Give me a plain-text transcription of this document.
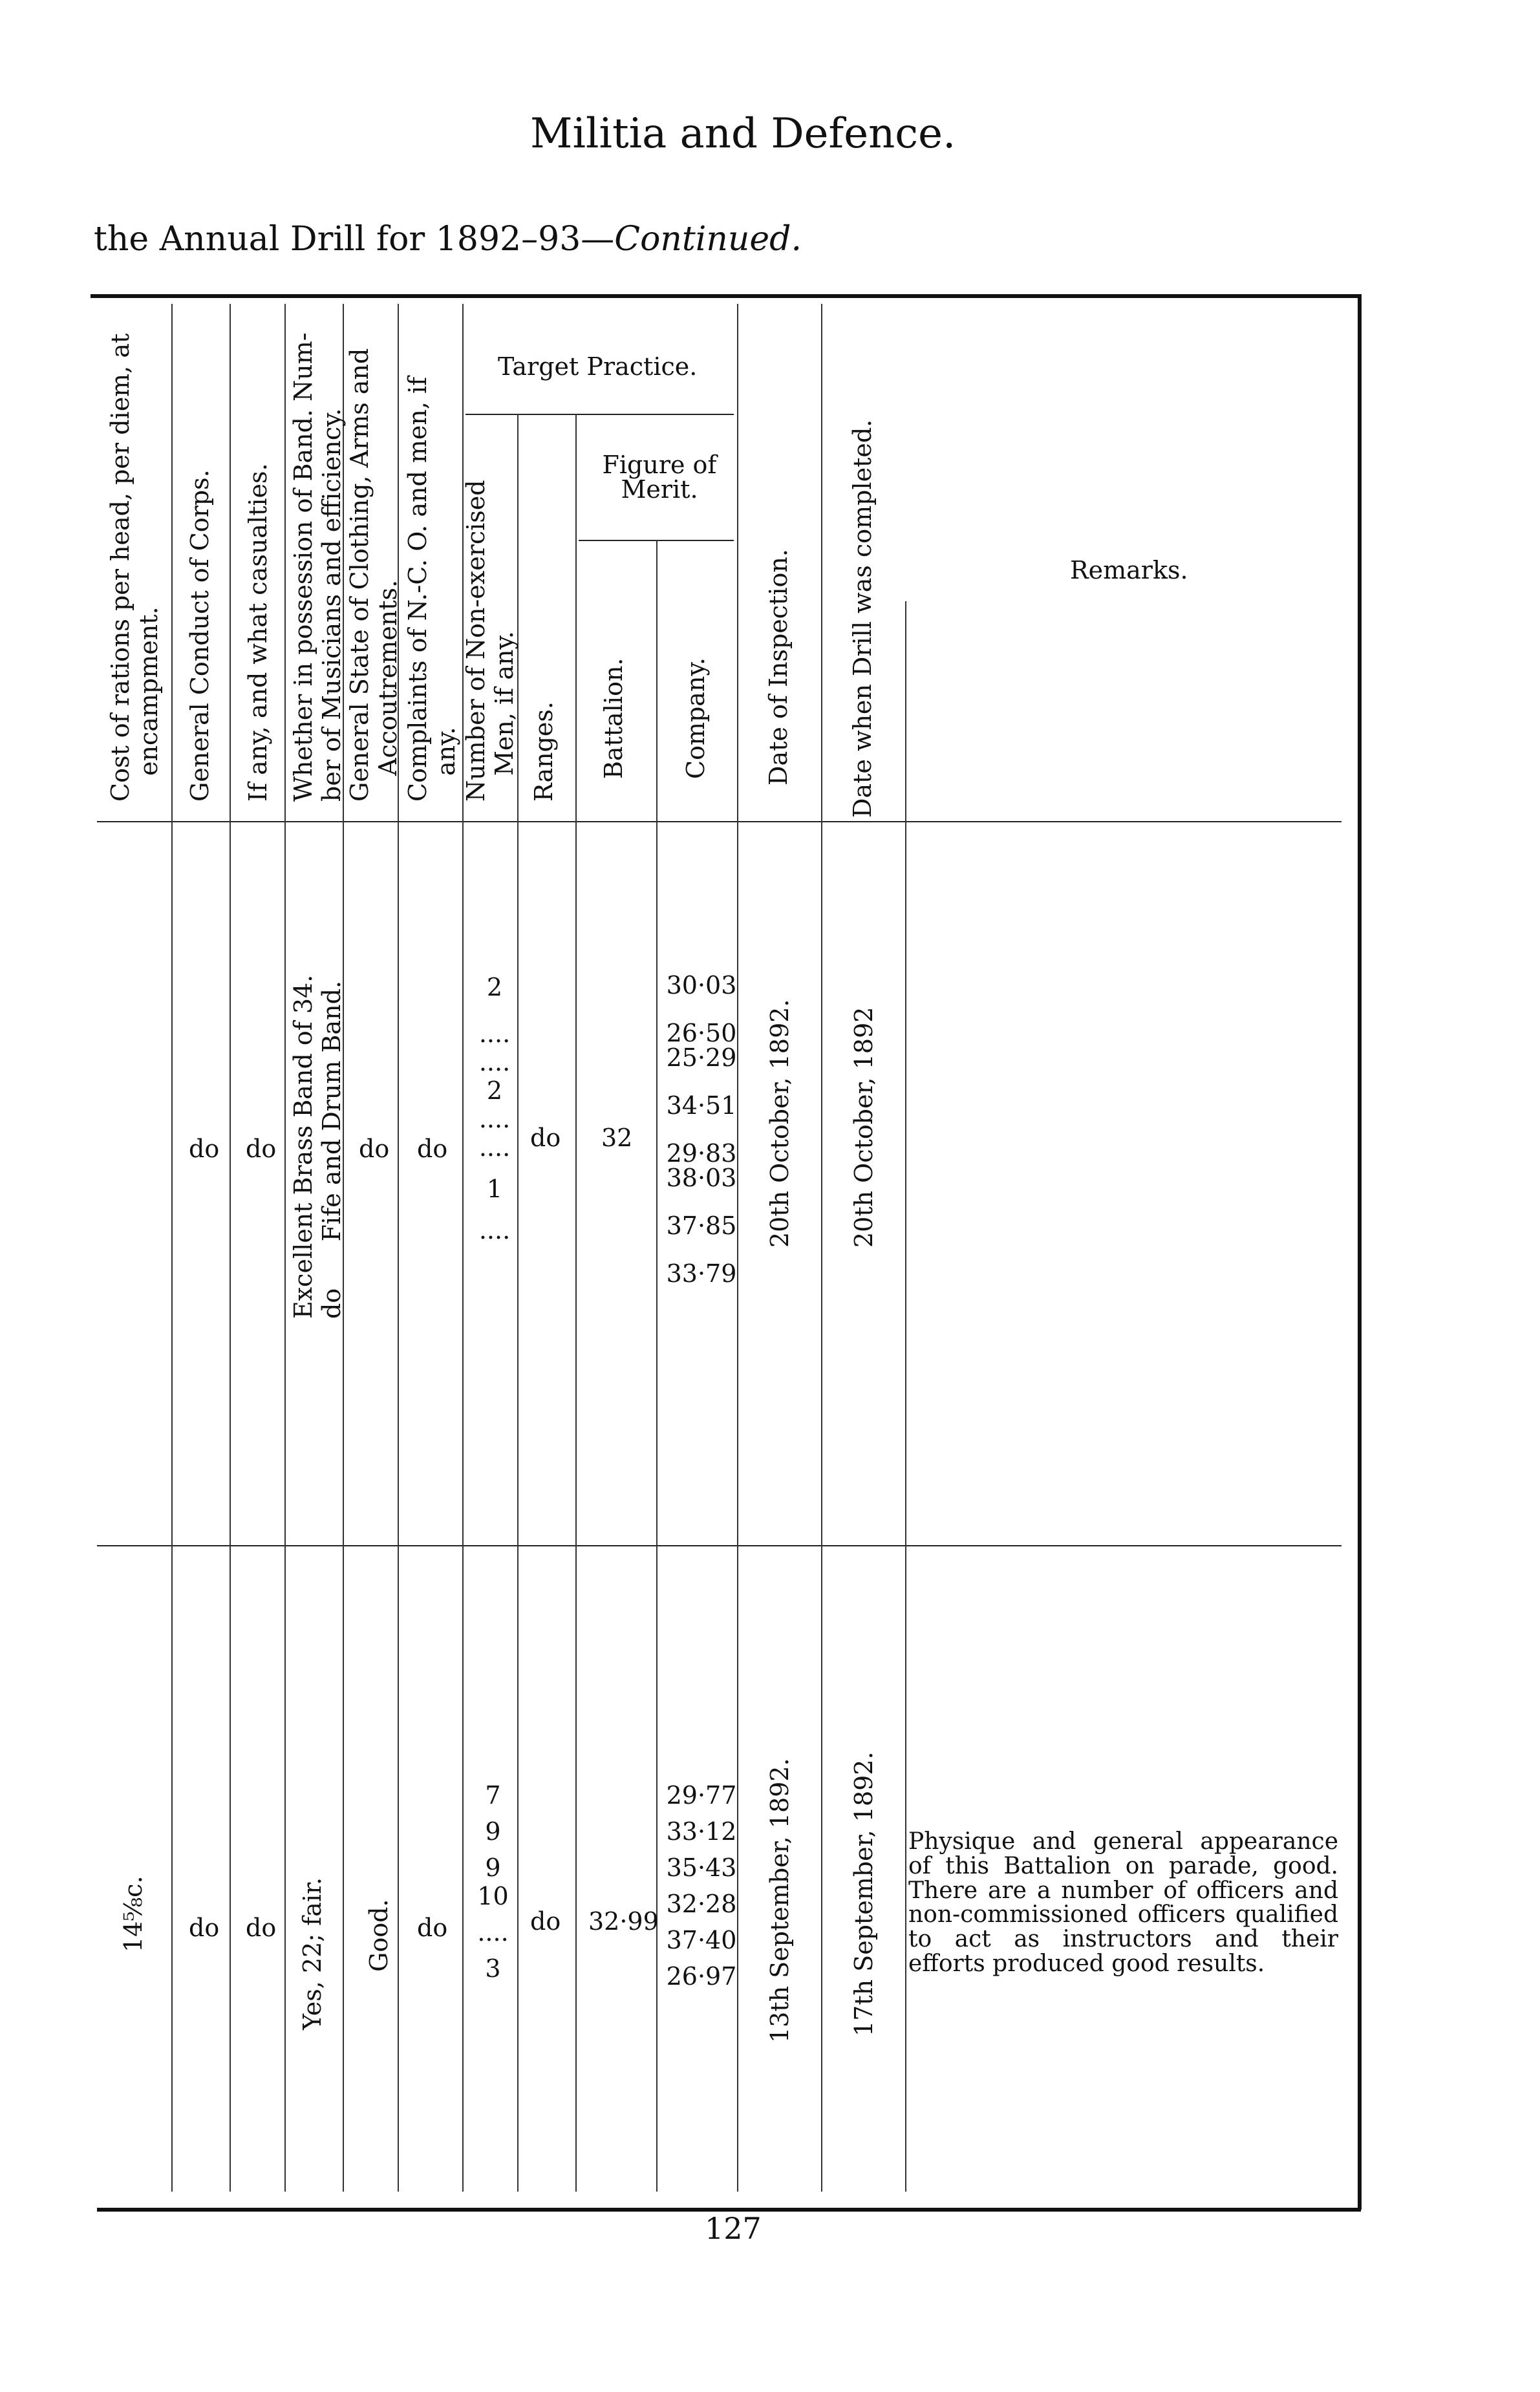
Militia and Defence.
the Annual Drill for 1892–93—Continued.
Cost of rations per head, per diem, at encampment. General Conduct of Corps. If any, and what casualties. Whether in possession of Band. Num- ber of Musicians and efficiency. General State of Clothing, Arms and Accoutrements. Complaints of N.-C. O. and men, if any.
Target Practice.
Number of Non-exercised Men, if any. Ranges.
Figure of
Merit.
Battalion. Company. Date of Inspection. Date when Drill was completed.	Remarks.
do do Excellent Brass Band of 34. do      Fife and Drum Band. do do
2
....
....
2
....
....
1
....
do 32
30·03
26·50
25·29
34·51
29·83
38·03
37·85
33·79
20th October, 1892. 20th October, 1892
14⅝c. do do Yes, 22; fair. Good. do
7
9
9
10
....
3
do 32·99
29·77
33·12
35·43
32·28
37·40
26·97 13th September, 1892. 17th September, 1892. Physique and general appearance of this Battalion on parade, good. There are a number of officers and non-commissioned officers qualified to act as instructors and their efforts produced good results.
127
